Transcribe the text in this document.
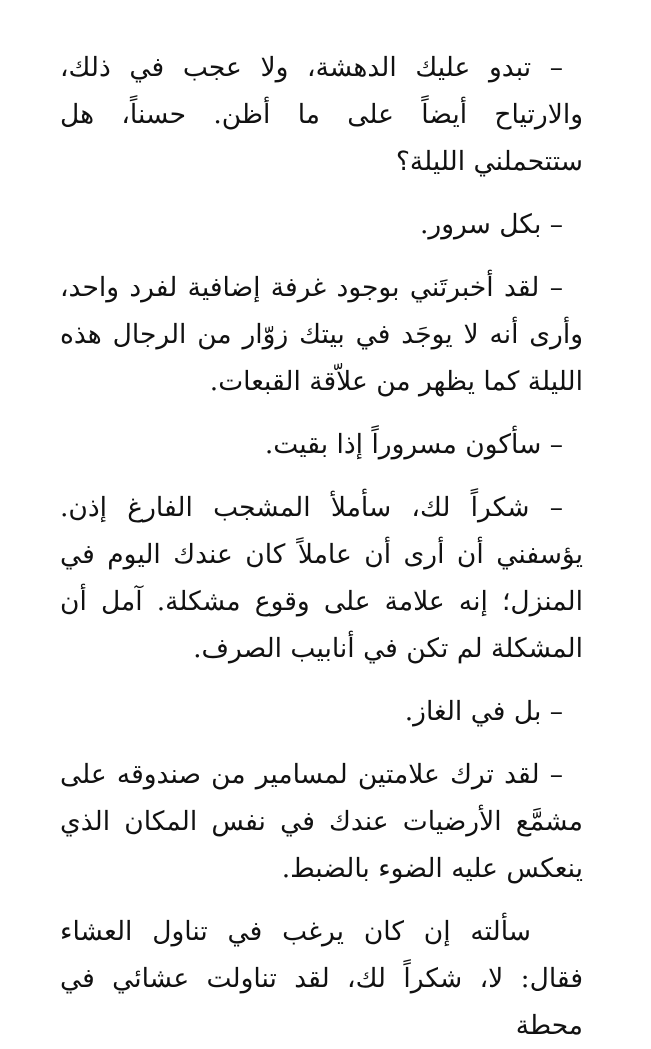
– تبدو عليك الدهشة، ولا عجب في ذلك، والارتياح أيضاً على ما أظن. حسناً، هل ستتحملني الليلة؟

– بكل سرور.

– لقد أخبرتَني بوجود غرفة إضافية لفرد واحد، وأرى أنه لا يوجَد في بيتك زوّار من الرجال هذه الليلة كما يظهر من علاّقة القبعات.

– سأكون مسروراً إذا بقيت.

– شكراً لك، سأملأ المشجب الفارغ إذن. يؤسفني أن أرى أن عاملاً كان عندك اليوم في المنزل؛ إنه علامة على وقوع مشكلة. آمل أن المشكلة لم تكن في أنابيب الصرف.

– بل في الغاز.

– لقد ترك علامتين لمسامير من صندوقه على مشمَّع الأرضيات عندك في نفس المكان الذي ينعكس عليه الضوء بالضبط.

سألته إن كان يرغب في تناول العشاء فقال: لا، شكراً لك، لقد تناولت عشائي في محطة
